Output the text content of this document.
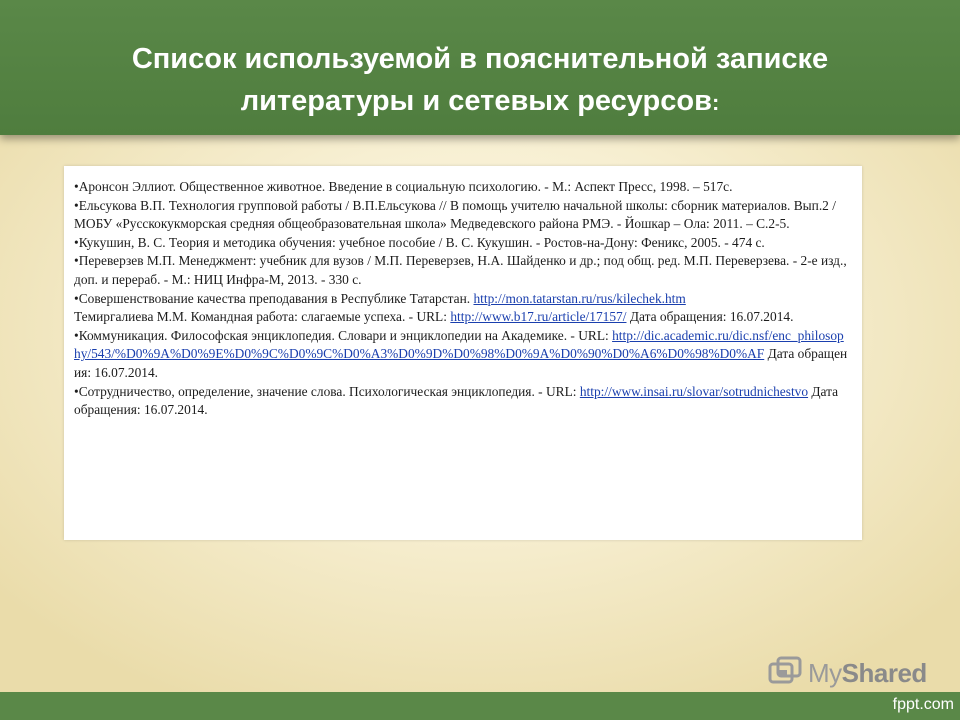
Список используемой в пояснительной записке
литературы и сетевых ресурсов:

•Аронсон Эллиот. Общественное животное. Введение в социальную психологию. - М.: Аспект Пресс, 1998. – 517с.

•Ельсукова В.П. Технология групповой работы / В.П.Ельсукова // В помощь учителю начальной школы: сборник материалов. Вып.2 / МОБУ «Русскокукморская средняя общеобразовательная школа» Медведевского района РМЭ. - Йошкар – Ола: 2011. – С.2-5.

•Кукушин, В. С. Теория и методика обучения: учебное пособие / В. С. Кукушин. - Ростов-на-Дону: Феникс, 2005. - 474 с.

•Переверзев М.П. Менеджмент: учебник для вузов / М.П. Переверзев, Н.А. Шайденко и др.; под общ. ред. М.П. Переверзева. - 2-е изд., доп. и перераб. - М.: НИЦ Инфра-М, 2013. - 330 с.

•Совершенствование качества преподавания в Республике Татарстан. http://mon.tatarstan.ru/rus/kilechek.htm

Темиргалиева М.М. Командная работа: слагаемые успеха. - URL: http://www.b17.ru/article/17157/ Дата обращения: 16.07.2014.

•Коммуникация. Философская энциклопедия. Словари и энциклопедии на Академике. - URL: http://dic.academic.ru/dic.nsf/enc_philosophy/543/%D0%9A%D0%9E%D0%9C%D0%9C%D0%A3%D0%9D%D0%98%D0%9A%D0%90%D0%A6%D0%98%D0%AF Дата обращения: 16.07.2014.

•Сотрудничество, определение, значение слова. Психологическая энциклопедия. - URL: http://www.insai.ru/slovar/sotrudnichestvo Дата обращения: 16.07.2014.

MyShared
fppt.com
